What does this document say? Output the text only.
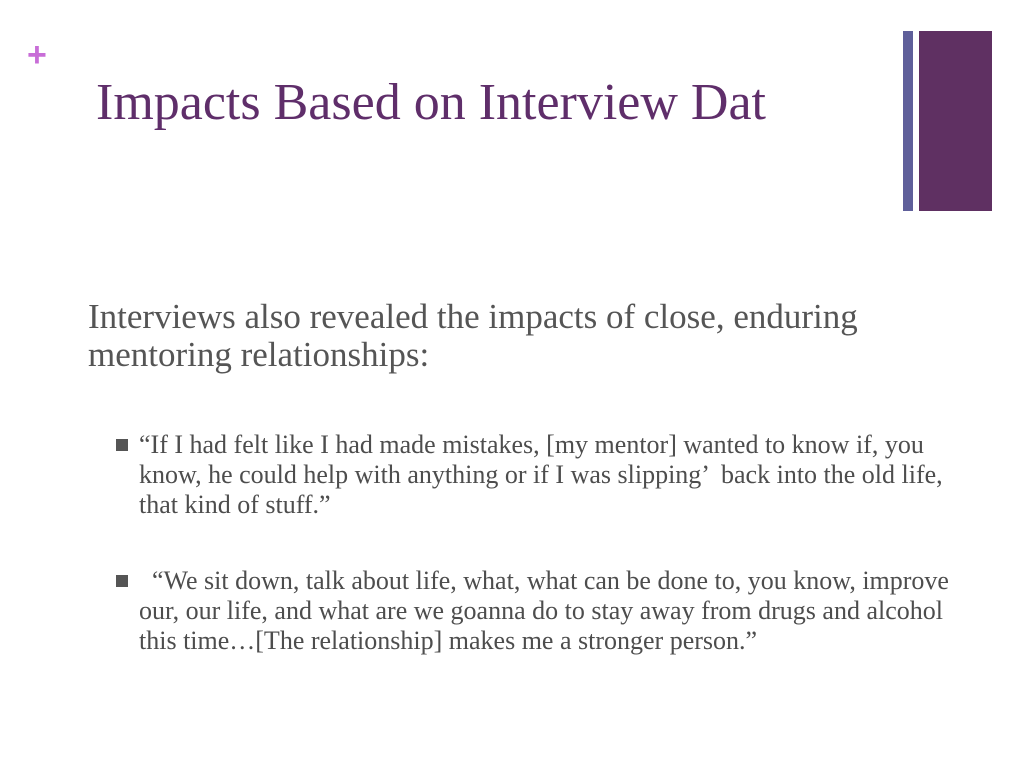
+
Impacts Based on Interview Dat

Interviews also revealed the impacts of close, enduring mentoring relationships:

“If I had felt like I had made mistakes, [my mentor] wanted to know if, you know, he could help with anything or if I was slipping’  back into the old life, that kind of stuff.”
“We sit down, talk about life, what, what can be done to, you know, improve our, our life, and what are we goanna do to stay away from drugs and alcohol this time…[The relationship] makes me a stronger person.”
